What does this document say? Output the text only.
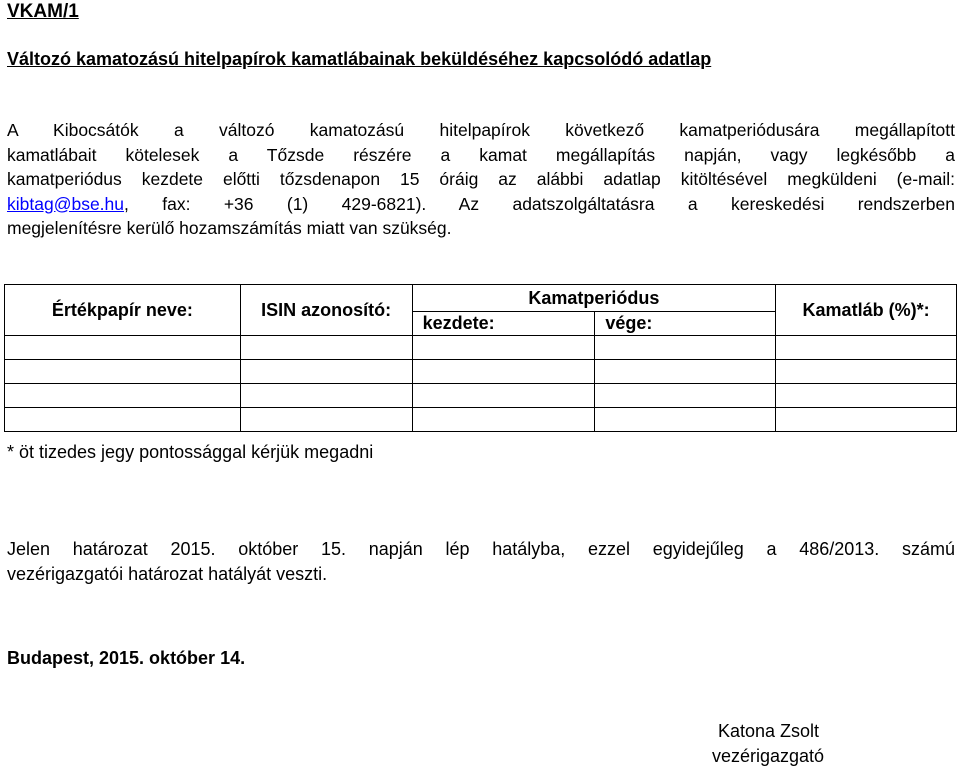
VKAM/1
Változó kamatozású hitelpapírok kamatlábainak beküldéséhez kapcsolódó adatlap
A Kibocsátók a változó kamatozású hitelpapírok következő kamatperiódusára megállapított
kamatlábait kötelesek a Tőzsde részére a kamat megállapítás napján, vagy legkésőbb a
kamatperiódus kezdete előtti tőzsdenapon 15 óráig az alábbi adatlap kitöltésével megküldeni (e-mail:
kibtag@bse.hu, fax: +36 (1) 429-6821). Az adatszolgáltatásra a kereskedési rendszerben
megjelenítésre kerülő hozamszámítás miatt van szükség.
Értékpapír neve:	ISIN azonosító:	Kamatperiódus		Kamatláb (%)*:
		kezdete:	vége:	

* öt tizedes jegy pontossággal kérjük megadni
Jelen határozat 2015. október 15. napján lép hatályba, ezzel egyidejűleg a 486/2013. számú
vezérigazgatói határozat hatályát veszti.
Budapest, 2015. október 14.
Katona Zsolt
vezérigazgató
